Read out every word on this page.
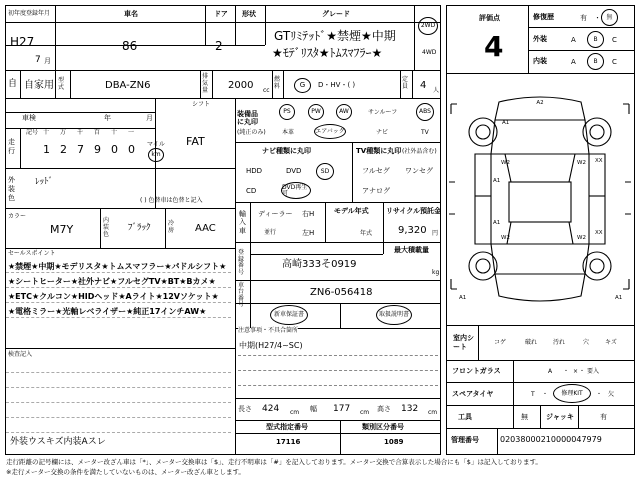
初年度登録年月	車名	ドア 形状	グレード
H27
7 月
86	2
GTﾘﾐﾃｯﾄﾞ★禁煙★中期
★ﾓﾃﾞﾘｽﾀ★ﾄﾑｽﾏﾌﾗｰ★
2WD
4WD
自 自家用 型式	DBA-ZN6
排気量 2000 cc
燃料	G D・HV・( )
定員 4 人
車検	年	月
シフト
FAT
走行
記号 十 万 千 百 十 一
1 2 7 9 0 0 マイル
km
外装色
ﾚｯﾄﾞ
( ) 色替車は色替と記入
カラー
M7Y
内装色
ﾌﾞﾗｯｸ	冷房 AAC
セールスポイント
★禁煙★中期★モデリスタ★トムスマフラー★パドルシフト★
★シートヒーター★社外ナビ★フルセグTV★BT★Bカメ★
★ETC★クルコン★HIDヘッド★Aライト★12Vソケット★
★電格ミラー★光軸レベライザー★純正17インチAW★
検査記入
外装ウスキズ内装Aスレ
装備品に丸印
(純正のみ)
PS	PW	AW	サンルーフ	ABS
本革	エアバック	ナビ	TV
ナビ種類に丸印	TV種類に丸印 (社外品含む)
HDD	DVD	SD
CD	DVD再生可
フルセグ ワンセグ
アナログ
輸入車
ディーラー
並行
右H
左H
モデル年式
年式
リサイクル預託金
9,320 円
最大積載量
kg
登録番号
高崎333そ0919
車台番号
ZN6-056418
新車保証書	取扱説明書
注意事項・不具合箇所
中期(H27/4~SC)
長さ 424 cm 幅 177 cm 高さ 132 cm
型式指定番号
17116
類別区分番号
1089
評価点
4
修復歴	有 ・ 無
外装	A	B C
内装	A	B C
A2
A1
A1
W2	W2 XX
XX
A1
W2	W2
A1	A1
室内シート
コゲ	破れ	汚れ	穴	キズ
フロントガラス	A ・ × ・ 要入
スペアタイヤ	T ・ 修理KIT ・ 欠
工具	無	ジャッキ	有
管理番号	02038000210000047979
走行距離の記号欄には、メーター改ざん車は「*」、メーター交換車は「$」、走行不明車は「#」を記入しております。メーター交換で合算表示した場合にも「$」は記入しております。
※走行メーター交換の条件を満たしていないものは、メーター改ざん車とします。
